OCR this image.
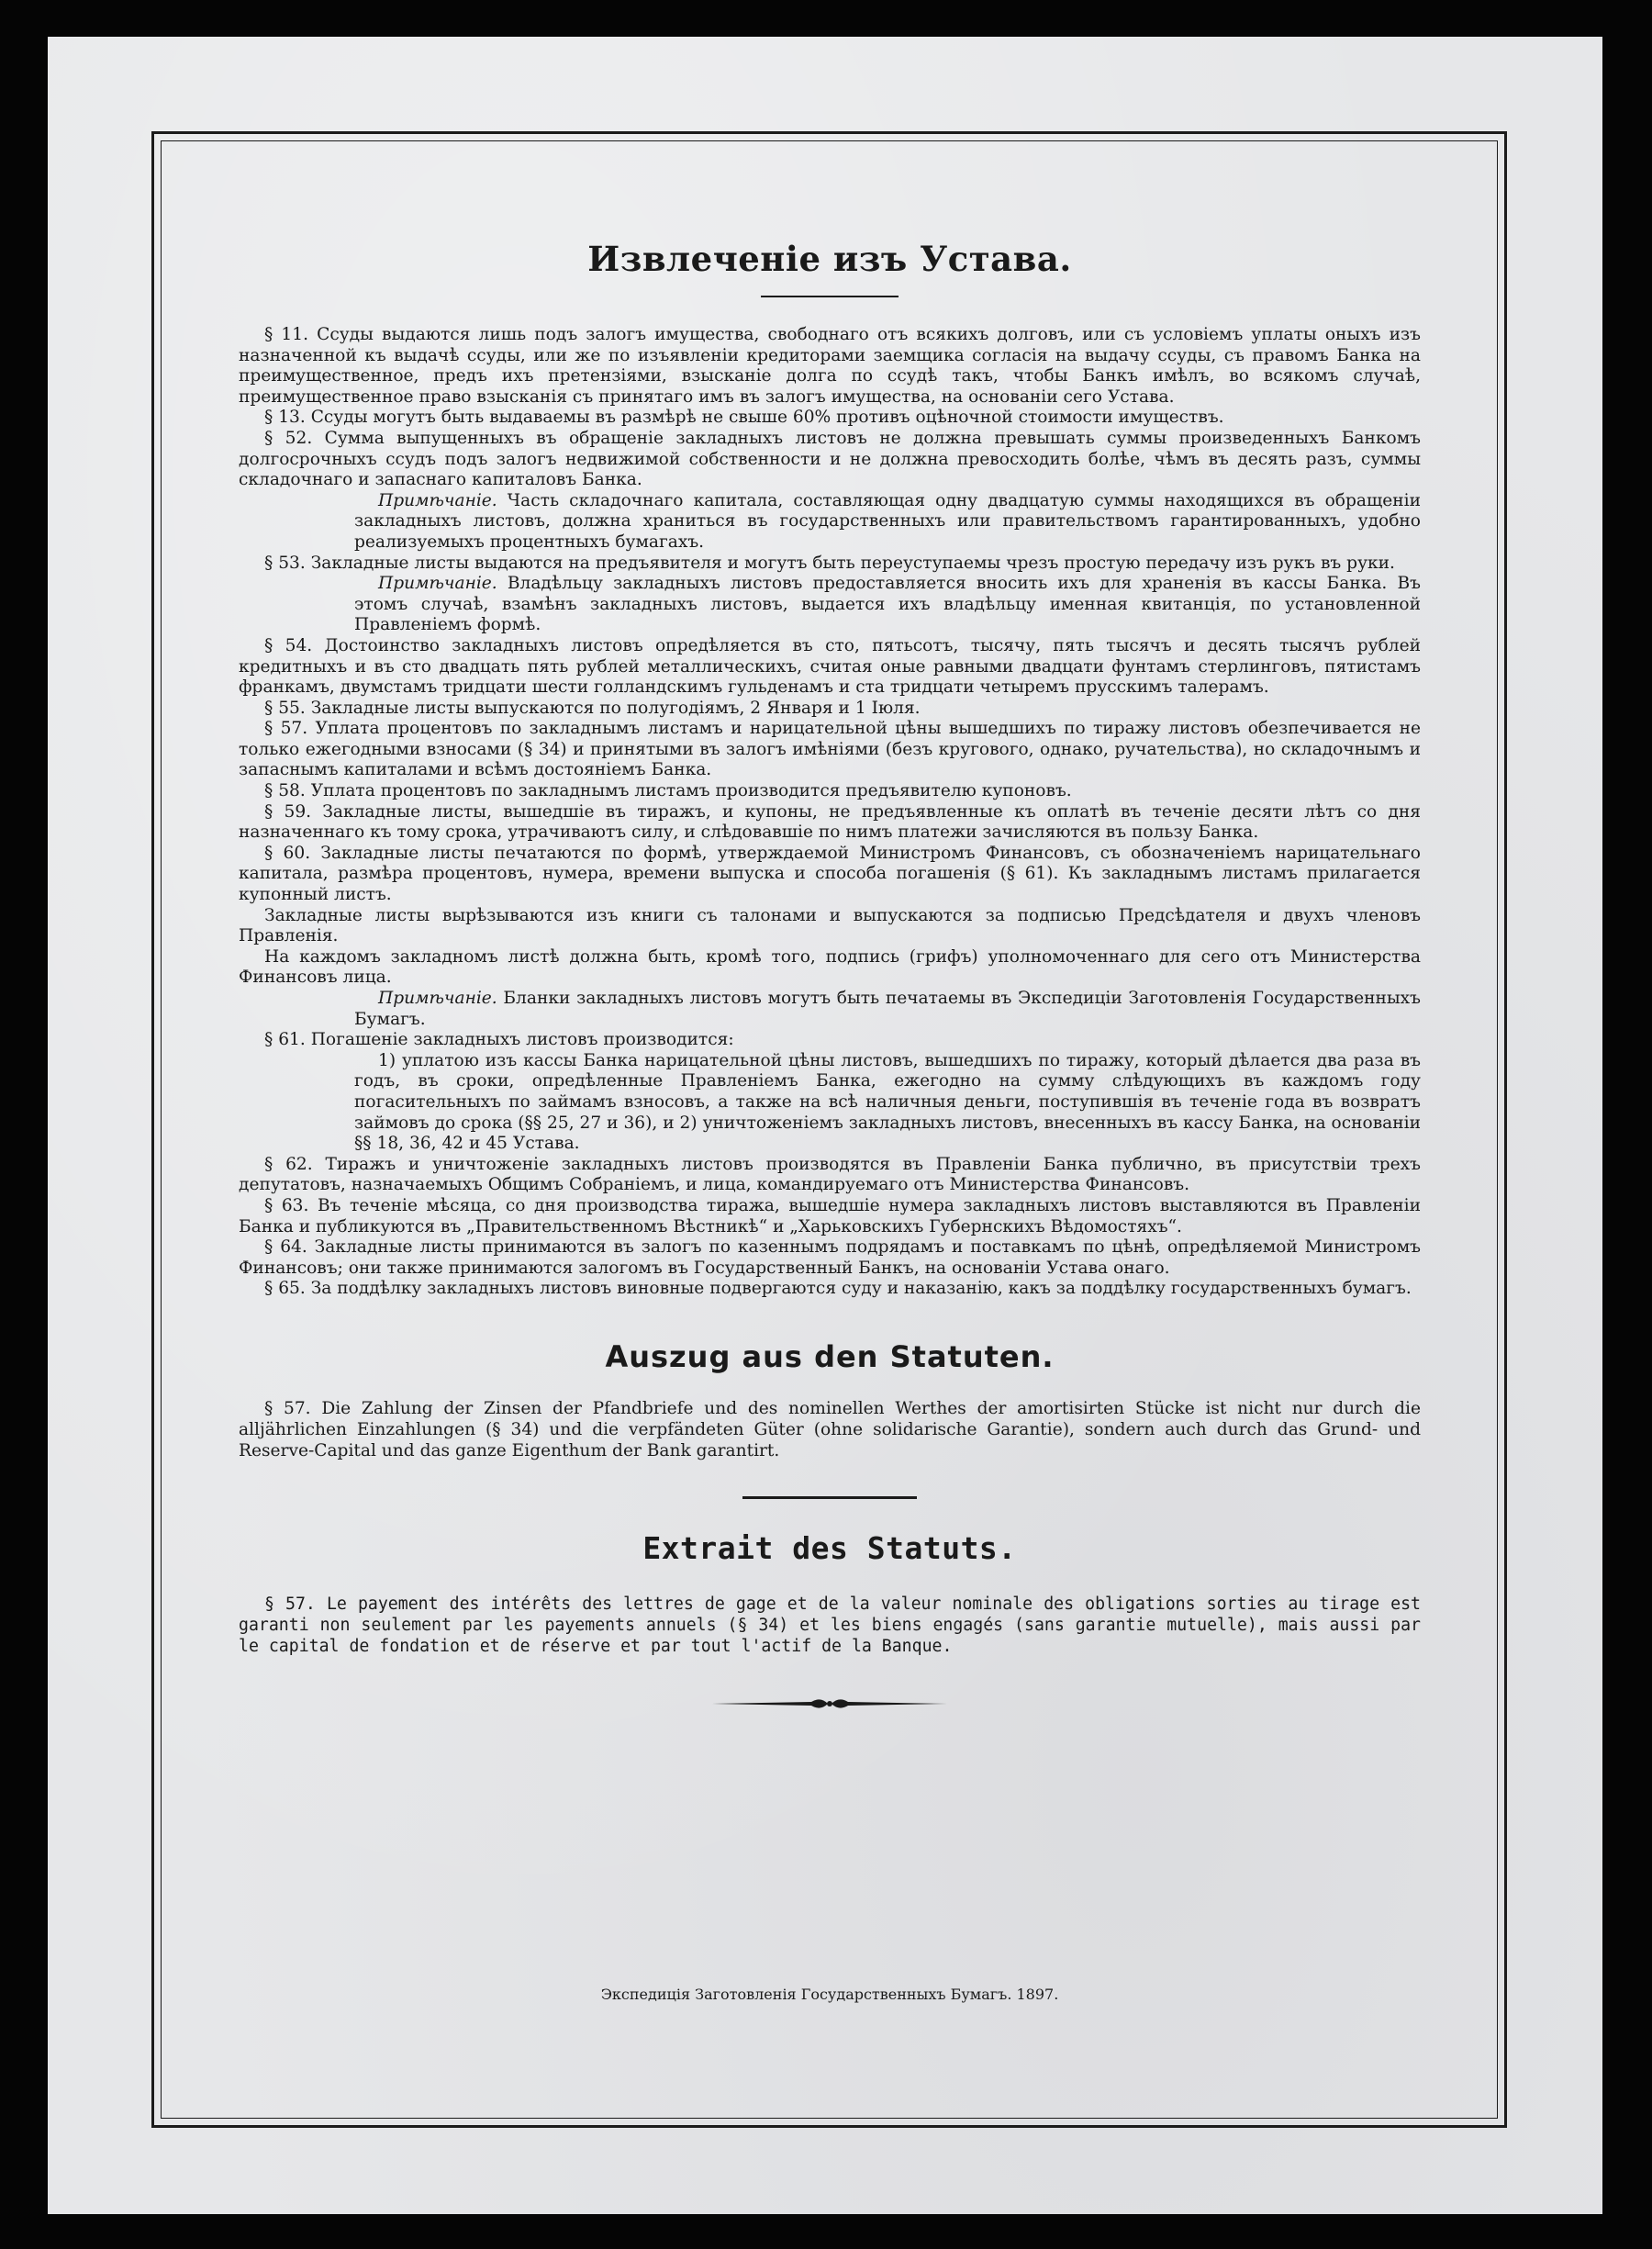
Извлеченіе изъ Устава.

§ 11. Ссуды выдаются лишь подъ залогъ имущества, свободнаго отъ всякихъ долговъ, или съ условіемъ уплаты оныхъ изъ назначенной къ выдачѣ ссуды, или же по изъявленіи кредиторами заемщика согласія на выдачу ссуды, съ правомъ Банка на преимущественное, предъ ихъ претензіями, взысканіе долга по ссудѣ такъ, чтобы Банкъ имѣлъ, во всякомъ случаѣ, преимущественное право взысканія съ принятаго имъ въ залогъ имущества, на основаніи сего Устава.

§ 13. Ссуды могутъ быть выдаваемы въ размѣрѣ не свыше 60% противъ оцѣночной стоимости имуществъ.

§ 52. Сумма выпущенныхъ въ обращеніе закладныхъ листовъ не должна превышать суммы произведенныхъ Банкомъ долгосрочныхъ ссудъ подъ залогъ недвижимой собственности и не должна превосходить болѣе, чѣмъ въ десять разъ, суммы складочнаго и запаснаго капиталовъ Банка.

Примѣчаніе. Часть складочнаго капитала, составляющая одну двадцатую суммы находящихся въ обращеніи закладныхъ листовъ, должна храниться въ государственныхъ или правительствомъ гарантированныхъ, удобно реализуемыхъ процентныхъ бумагахъ.

§ 53. Закладные листы выдаются на предъявителя и могутъ быть переуступаемы чрезъ простую передачу изъ рукъ въ руки.

Примѣчаніе. Владѣльцу закладныхъ листовъ предоставляется вносить ихъ для храненія въ кассы Банка. Въ этомъ случаѣ, взамѣнъ закладныхъ листовъ, выдается ихъ владѣльцу именная квитанція, по установленной Правленіемъ формѣ.

§ 54. Достоинство закладныхъ листовъ опредѣляется въ сто, пятьсотъ, тысячу, пять тысячъ и десять тысячъ рублей кредитныхъ и въ сто двадцать пять рублей металлическихъ, считая оные равными двадцати фунтамъ стерлинговъ, пятистамъ франкамъ, двумстамъ тридцати шести голландскимъ гульденамъ и ста тридцати четыремъ прусскимъ талерамъ.

§ 55. Закладные листы выпускаются по полугодіямъ, 2 Января и 1 Іюля.

§ 57. Уплата процентовъ по закладнымъ листамъ и нарицательной цѣны вышедшихъ по тиражу листовъ обезпечивается не только ежегодными взносами (§ 34) и принятыми въ залогъ имѣніями (безъ кругового, однако, ручательства), но складочнымъ и запаснымъ капиталами и всѣмъ достояніемъ Банка.

§ 58. Уплата процентовъ по закладнымъ листамъ производится предъявителю купоновъ.

§ 59. Закладные листы, вышедшіе въ тиражъ, и купоны, не предъявленные къ оплатѣ въ теченіе десяти лѣтъ со дня назначеннаго къ тому срока, утрачиваютъ силу, и слѣдовавшіе по нимъ платежи зачисляются въ пользу Банка.

§ 60. Закладные листы печатаются по формѣ, утверждаемой Министромъ Финансовъ, съ обозначеніемъ нарицательнаго капитала, размѣра процентовъ, нумера, времени выпуска и способа погашенія (§ 61). Къ закладнымъ листамъ прилагается купонный листъ.

Закладные листы вырѣзываются изъ книги съ талонами и выпускаются за подписью Предсѣдателя и двухъ членовъ Правленія.

На каждомъ закладномъ листѣ должна быть, кромѣ того, подпись (грифъ) уполномоченнаго для сего отъ Министерства Финансовъ лица.

Примѣчаніе. Бланки закладныхъ листовъ могутъ быть печатаемы въ Экспедиціи Заготовленія Государственныхъ Бумагъ.

§ 61. Погашеніе закладныхъ листовъ производится:

1) уплатою изъ кассы Банка нарицательной цѣны листовъ, вышедшихъ по тиражу, который дѣлается два раза въ годъ, въ сроки, опредѣленные Правленіемъ Банка, ежегодно на сумму слѣдующихъ въ каждомъ году погасительныхъ по займамъ взносовъ, а также на всѣ наличныя деньги, поступившія въ теченіе года въ возвратъ займовъ до срока (§§ 25, 27 и 36), и 2) уничтоженіемъ закладныхъ листовъ, внесенныхъ въ кассу Банка, на основаніи §§ 18, 36, 42 и 45 Устава.

§ 62. Тиражъ и уничтоженіе закладныхъ листовъ производятся въ Правленіи Банка публично, въ присутствіи трехъ депутатовъ, назначаемыхъ Общимъ Собраніемъ, и лица, командируемаго отъ Министерства Финансовъ.

§ 63. Въ теченіе мѣсяца, со дня производства тиража, вышедшіе нумера закладныхъ листовъ выставляются въ Правленіи Банка и публикуются въ „Правительственномъ Вѣстникѣ“ и „Харьковскихъ Губернскихъ Вѣдомостяхъ“.

§ 64. Закладные листы принимаются въ залогъ по казеннымъ подрядамъ и поставкамъ по цѣнѣ, опредѣляемой Министромъ Финансовъ; они также принимаются залогомъ въ Государственный Банкъ, на основаніи Устава онаго.

§ 65. За поддѣлку закладныхъ листовъ виновные подвергаются суду и наказанію, какъ за поддѣлку государственныхъ бумагъ.

Auszug aus den Statuten.

§ 57. Die Zahlung der Zinsen der Pfandbriefe und des nominellen Werthes der amortisirten Stücke ist nicht nur durch die alljährlichen Einzahlungen (§ 34) und die verpfändeten Güter (ohne solidarische Garantie), sondern auch durch das Grund- und Reserve-Capital und das ganze Eigenthum der Bank garantirt.

Extrait des Statuts.

§ 57. Le payement des intérêts des lettres de gage et de la valeur nominale des obligations sorties au tirage est garanti non seulement par les payements annuels (§ 34) et les biens engagés (sans garantie mutuelle), mais aussi par le capital de fondation et de réserve et par tout l'actif de la Banque.

Экспедиція Заготовленія Государственныхъ Бумагъ. 1897.
